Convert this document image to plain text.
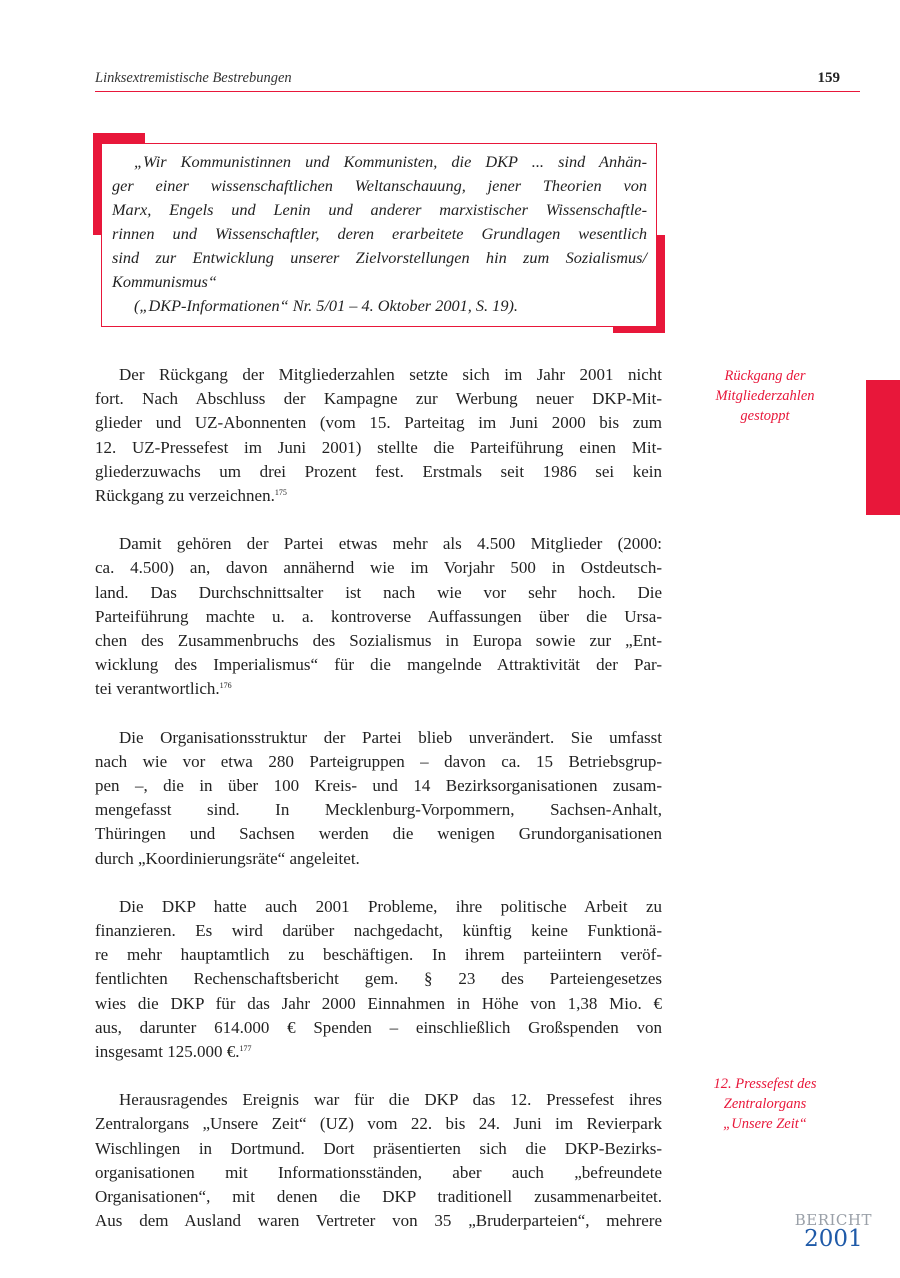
Linksextremistische Bestrebungen	159
„Wir Kommunistinnen und Kommunisten, die DKP ... sind Anhän-
ger einer wissenschaftlichen Weltanschauung, jener Theorien von
Marx, Engels und Lenin und anderer marxistischer Wissenschaftle-
rinnen und Wissenschaftler, deren erarbeitete Grundlagen wesentlich
sind zur Entwicklung unserer Zielvorstellungen hin zum Sozialismus/
Kommunismus“
(„DKP-Informationen“ Nr. 5/01 – 4. Oktober 2001, S. 19).
Der Rückgang der Mitgliederzahlen setzte sich im Jahr 2001 nicht
fort. Nach Abschluss der Kampagne zur Werbung neuer DKP-Mit-
glieder und UZ-Abonnenten (vom 15. Parteitag im Juni 2000 bis zum
12. UZ-Pressefest im Juni 2001) stellte die Parteiführung einen Mit-
gliederzuwachs um drei Prozent fest. Erstmals seit 1986 sei kein
Rückgang zu verzeichnen.$^{175}$
Damit gehören der Partei etwas mehr als 4.500 Mitglieder (2000:
ca. 4.500) an, davon annähernd wie im Vorjahr 500 in Ostdeutsch-
land. Das Durchschnittsalter ist nach wie vor sehr hoch. Die
Parteiführung machte u. a. kontroverse Auffassungen über die Ursa-
chen des Zusammenbruchs des Sozialismus in Europa sowie zur „Ent-
wicklung des Imperialismus“ für die mangelnde Attraktivität der Par-
tei verantwortlich.$^{176}$
Die Organisationsstruktur der Partei blieb unverändert. Sie umfasst
nach wie vor etwa 280 Parteigruppen – davon ca. 15 Betriebsgrup-
pen –, die in über 100 Kreis- und 14 Bezirksorganisationen zusam-
mengefasst sind. In Mecklenburg-Vorpommern, Sachsen-Anhalt,
Thüringen und Sachsen werden die wenigen Grundorganisationen
durch „Koordinierungsräte“ angeleitet.
Die DKP hatte auch 2001 Probleme, ihre politische Arbeit zu
finanzieren. Es wird darüber nachgedacht, künftig keine Funktionä-
re mehr hauptamtlich zu beschäftigen. In ihrem parteiintern veröf-
fentlichten Rechenschaftsbericht gem. § 23 des Parteiengesetzes
wies die DKP für das Jahr 2000 Einnahmen in Höhe von 1,38 Mio. €
aus, darunter 614.000 € Spenden – einschließlich Großspenden von
insgesamt 125.000 €.$^{177}$
Herausragendes Ereignis war für die DKP das 12. Pressefest ihres
Zentralorgans „Unsere Zeit“ (UZ) vom 22. bis 24. Juni im Revierpark
Wischlingen in Dortmund. Dort präsentierten sich die DKP-Bezirks-
organisationen mit Informationsständen, aber auch „befreundete
Organisationen“, mit denen die DKP traditionell zusammenarbeitet.
Aus dem Ausland waren Vertreter von 35 „Bruderparteien“, mehrere
Rückgang der
Mitgliederzahlen
gestoppt
12. Pressefest des
Zentralorgans
„Unsere Zeit“
BERICHT
2001
